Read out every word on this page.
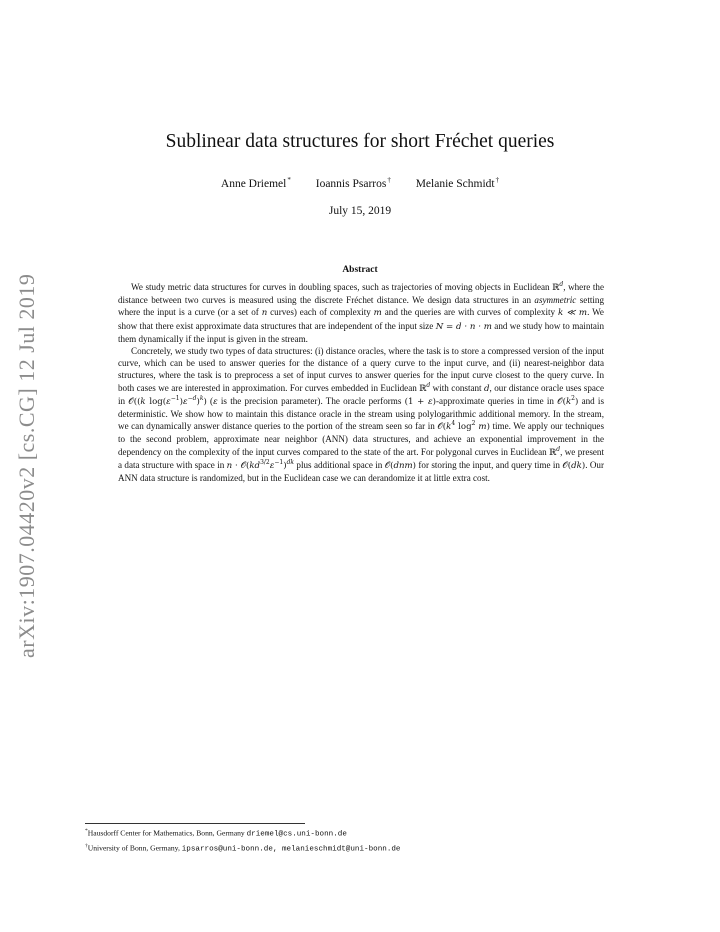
arXiv:1907.04420v2 [cs.CG] 12 Jul 2019
Sublinear data structures for short Fréchet queries
Anne Driemel* Ioannis Psarros† Melanie Schmidt†
July 15, 2019
Abstract

We study metric data structures for curves in doubling spaces, such as trajectories of moving objects in Euclidean ℝ$^d$, where the distance between two curves is measured using the discrete Fréchet distance. We design data structures in an asymmetric setting where the input is a curve (or a set of n curves) each of complexity m and the queries are with curves of complexity k ≪ m. We show that there exist approximate data structures that are independent of the input size N = d · n · m and we study how to maintain them dynamically if the input is given in the stream.

Concretely, we study two types of data structures: (i) distance oracles, where the task is to store a compressed version of the input curve, which can be used to answer queries for the distance of a query curve to the input curve, and (ii) nearest-neighbor data structures, where the task is to preprocess a set of input curves to answer queries for the input curve closest to the query curve. In both cases we are interested in approximation. For curves embedded in Euclidean ℝ$^d$ with constant d, our distance oracle uses space in 𝒪((k $\log(\varepsilon^{-1})\varepsilon^{-d})^k$) (ε is the precision parameter). The oracle performs (1 + ε)-approximate queries in time in $𝒪(k^2)$ and is deterministic. We show how to maintain this distance oracle in the stream using polylogarithmic additional memory. In the stream, we can dynamically answer distance queries to the portion of the stream seen so far in $𝒪(k^4$ $\log^2 m$) time. We apply our techniques to the second problem, approximate near neighbor (ANN) data structures, and achieve an exponential improvement in the dependency on the complexity of the input curves compared to the state of the art. For polygonal curves in Euclidean ℝ$^d$, we present a data structure with space in $n \cdot 𝒪(kd^{3/2}\varepsilon^{-1})^{dk}$ plus additional space in 𝒪(dnm) for storing the input, and query time in 𝒪(dk). Our ANN data structure is randomized, but in the Euclidean case we can derandomize it at little extra cost.

*Hausdorff Center for Mathematics, Bonn, Germany driemel@cs.uni-bonn.de
†University of Bonn, Germany, ipsarros@uni-bonn.de, melanieschmidt@uni-bonn.de
